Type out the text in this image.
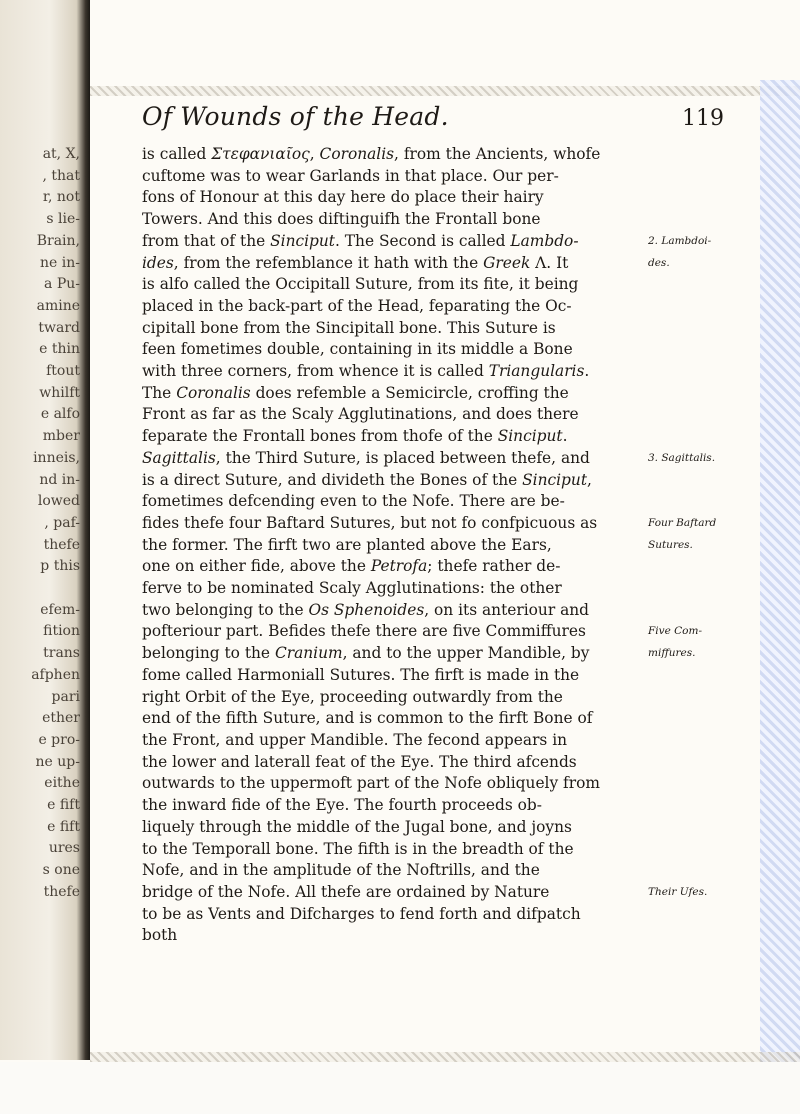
at, X,
, that
r, not
s lie-
Brain,
ne in-
a Pu-
amine
tward
e thin
ftout
whilft
e alfo
mber
inneis,
nd in-
lowed
, paf-
thefe
p this
efem-
fition
trans
afphen
pari
ether
e pro-
ne up-
eithe
e fift
e fift
ures
s one
thefe
Of Wounds of the Head.	119
is called Στεφανιαῖος, Coronalis, from the Ancients, whofe
cuftome was to wear Garlands in that place. Our per-
fons of Honour at this day here do place their hairy
Towers. And this does diftinguifh the Frontall bone
from that of the Sinciput. The Second is called Lambdo-
ides, from the refemblance it hath with the Greek Λ. It
is alfo called the Occipitall Suture, from its fite, it being
placed in the back-part of the Head, feparating the Oc-
cipitall bone from the Sincipitall bone. This Suture is
feen fometimes double, containing in its middle a Bone
with three corners, from whence it is called Triangularis.
The Coronalis does refemble a Semicircle, croffing the
Front as far as the Scaly Agglutinations, and does there
feparate the Frontall bones from thofe of the Sinciput.
Sagittalis, the Third Suture, is placed between thefe, and
is a direct Suture, and divideth the Bones of the Sinciput,
fometimes defcending even to the Nofe. There are be-
fides thefe four Baftard Sutures, but not fo confpicuous as
the former. The firft two are planted above the Ears,
one on either fide, above the Petrofa; thefe rather de-
ferve to be nominated Scaly Agglutinations: the other
two belonging to the Os Sphenoides, on its anteriour and
pofteriour part. Befides thefe there are five Commiffures
belonging to the Cranium, and to the upper Mandible, by
fome called Harmoniall Sutures. The firft is made in the
right Orbit of the Eye, proceeding outwardly from the
end of the fifth Suture, and is common to the firft Bone of
the Front, and upper Mandible. The fecond appears in
the lower and laterall feat of the Eye. The third afcends
outwards to the uppermoft part of the Nofe obliquely from
the inward fide of the Eye. The fourth proceeds ob-
liquely through the middle of the Jugal bone, and joyns
to the Temporall bone. The fifth is in the breadth of the
Nofe, and in the amplitude of the Noftrills, and the
bridge of the Nofe. All thefe are ordained by Nature
to be as Vents and Difcharges to fend forth and difpatch
both
2. Lambdoi-
des.
3. Sagittalis.
Four Baftard
Sutures.
Five Com-
miffures.
Their Ufes.
